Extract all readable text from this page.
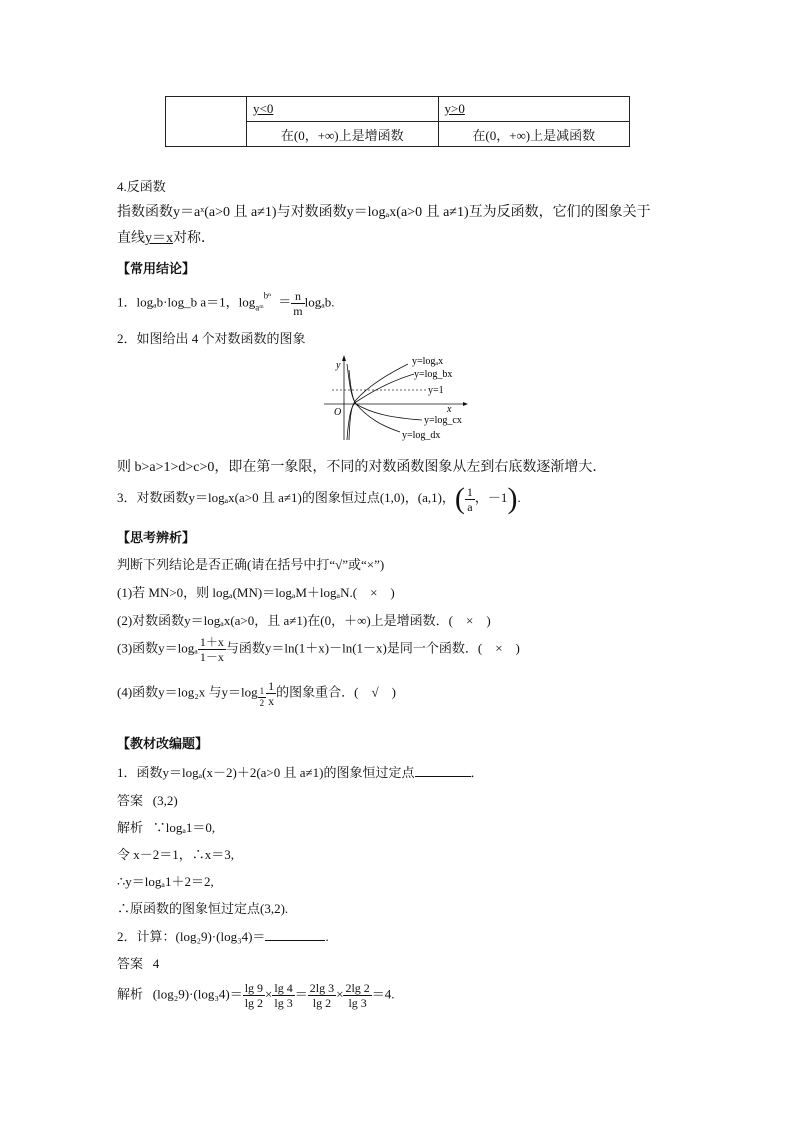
	y<0	y>0
	在(0，+∞)上是增函数	在(0，+∞)上是减函数
4.反函数
指数函数y＝aˣ(a>0 且 a≠1)与对数函数y＝logₐx(a>0 且 a≠1)互为反函数，它们的图象关于
直线y＝x对称．
【常用结论】
1．logₐb·log_b a＝1，$\log_{aᵐ}^{b^n} = \frac{n}{m} \log_ab$.
2．如图给出 4 个对数函数的图象
y=logₐx
y=log_bx
y=1
x
y=log_cx
y=log_dx
y
O
则 b>a>1>d>c>0，即在第一象限，不同的对数函数图象从左到右底数逐渐增大．
3．对数函数y＝logₐx(a>0 且 a≠1)的图象恒过点(1,0)，(a,1)，( $\frac{1}{a}$ ，－1).
【思考辨析】
判断下列结论是否正确(请在括号中打“√”或“×”)
(1)若 MN>0，则 logₐ(MN)＝logₐM＋logₐN.(　×　)
(2)对数函数y＝logₐx(a>0，且 a≠1)在(0，＋∞)上是增函数．(　×　)
(3)函数$y=\log_a \frac{1+x}{1-x}$ 与函数y＝ln(1＋x)－ln(1－x)是同一个函数．(　×　)
(4)函数y＝log₂x 与$y=\log \frac{1}{2} \frac{1}{x}$ 的图象重合．(　√　)
【教材改编题】
1．函数y＝logₐ(x－2)＋2(a>0 且 a≠1)的图象恒过定点	．
答案 (3,2)
解析 ∵logₐ1＝0,
令 x－2＝1，∴x＝3,
∴y＝logₐ1＋2＝2,
∴原函数的图象恒过定点(3,2).
2．计算：(log₂9)·(log₃4)＝	.
答案 4
解析 $(\log_29)\cdot(\log_34)= \frac{\lg 9}{\lg 2} \times \frac{\lg 4}{\lg 3} = \frac{2\lg 3}{\lg 2} \times \frac{2\lg 2}{\lg 3} =4$.
